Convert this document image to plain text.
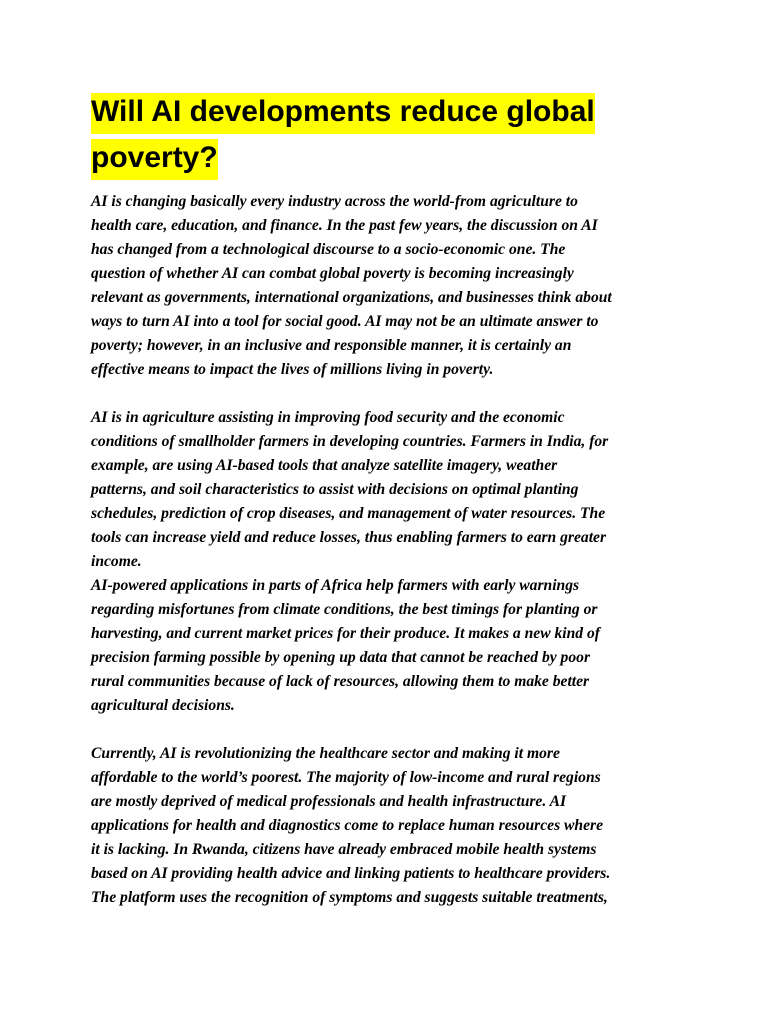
Will AI developments reduce global poverty?

AI is changing basically every industry across the world-from agriculture to

health care, education, and finance. In the past few years, the discussion on AI

has changed from a technological discourse to a socio-economic one. The

question of whether AI can combat global poverty is becoming increasingly

relevant as governments, international organizations, and businesses think about

ways to turn AI into a tool for social good. AI may not be an ultimate answer to

poverty; however, in an inclusive and responsible manner, it is certainly an

effective means to impact the lives of millions living in poverty.

AI is in agriculture assisting in improving food security and the economic

conditions of smallholder farmers in developing countries. Farmers in India, for

example, are using AI-based tools that analyze satellite imagery, weather

patterns, and soil characteristics to assist with decisions on optimal planting

schedules, prediction of crop diseases, and management of water resources. The

tools can increase yield and reduce losses, thus enabling farmers to earn greater

income.

AI-powered applications in parts of Africa help farmers with early warnings

regarding misfortunes from climate conditions, the best timings for planting or

harvesting, and current market prices for their produce. It makes a new kind of

precision farming possible by opening up data that cannot be reached by poor

rural communities because of lack of resources, allowing them to make better

agricultural decisions.

Currently, AI is revolutionizing the healthcare sector and making it more

affordable to the world’s poorest. The majority of low-income and rural regions

are mostly deprived of medical professionals and health infrastructure. AI

applications for health and diagnostics come to replace human resources where

it is lacking. In Rwanda, citizens have already embraced mobile health systems

based on AI providing health advice and linking patients to healthcare providers.

The platform uses the recognition of symptoms and suggests suitable treatments,
